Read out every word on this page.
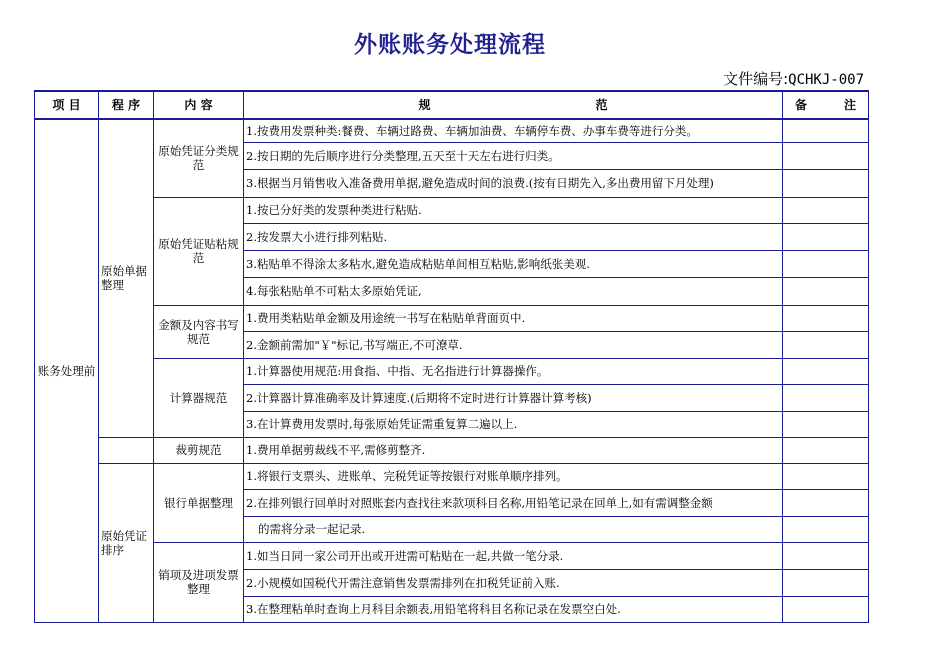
外账账务处理流程
文件编号:QCHKJ-007
项 目	程 序	内 容	规 范	备 注

账务处理前	原始单据整理	原始凭证分类规范	1.按费用发票种类:餐费、车辆过路费、车辆加油费、车辆停车费、办事车费等进行分类。	
			2.按日期的先后顺序进行分类整理,五天至十天左右进行归类。	
			3.根据当月销售收入准备费用单据,避免造成时间的浪费.(按有日期先入,多出费用留下月处理)	
		原始凭证贴粘规范	1.按已分好类的发票种类进行粘贴.	
			2.按发票大小进行排列粘贴.	
			3.粘贴单不得涂太多粘水,避免造成粘贴单间相互粘贴,影响纸张美观.	
			4.每张粘贴单不可粘太多原始凭证,	
		金额及内容书写规范	1.费用类粘贴单金额及用途统一书写在粘贴单背面页中.	
			2.金额前需加"￥"标记,书写端正,不可潦草.	
		计算器规范	1.计算器使用规范:用食指、中指、无名指进行计算器操作。	
			2.计算器计算准确率及计算速度.(后期将不定时进行计算器计算考核)	
			3.在计算费用发票时,每张原始凭证需重复算二遍以上.	
		裁剪规范	1.费用单据剪裁线不平,需修剪整齐.	
	原始凭证排序	银行单据整理	1.将银行支票头、进账单、完税凭证等按银行对账单顺序排列。	
			2.在排列银行回单时对照账套内查找往来款项科目名称,用铅笔记录在回单上,如有需调整金额	
			的需将分录一起记录.	
		销项及进项发票整理	1.如当日同一家公司开出或开进需可粘贴在一起,共做一笔分录.	
			2.小规模如国税代开需注意销售发票需排列在扣税凭证前入账.	
			3.在整理粘单时查询上月科目余额表,用铅笔将科目名称记录在发票空白处.	
